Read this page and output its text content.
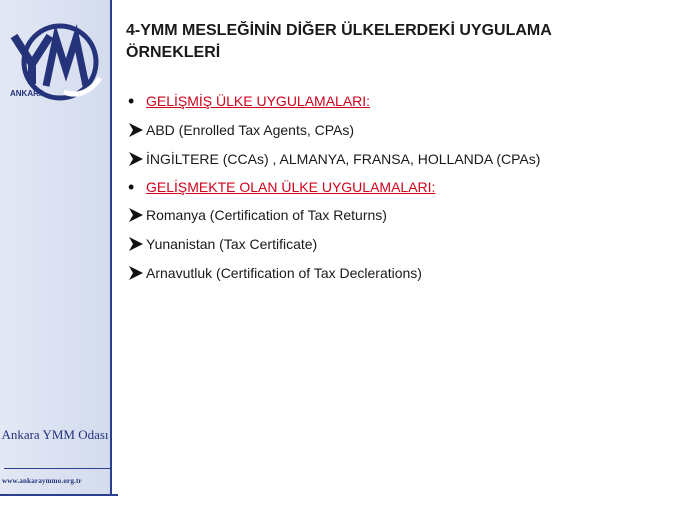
ANKARA
Ankara YMM Odası
www.ankaraymmo.org.tr
4-YMM MESLEĞİNİN DİĞER ÜLKELERDEKİ UYGULAMA ÖRNEKLERİ
• GELİŞMİŞ ÜLKE UYGULAMALARI:
ABD (Enrolled Tax Agents, CPAs)
İNGİLTERE (CCAs) , ALMANYA, FRANSA, HOLLANDA (CPAs)
• GELİŞMEKTE OLAN ÜLKE UYGULAMALARI:
Romanya (Certification of Tax Returns)
Yunanistan (Tax Certificate)
Arnavutluk (Certification of Tax Declerations)
